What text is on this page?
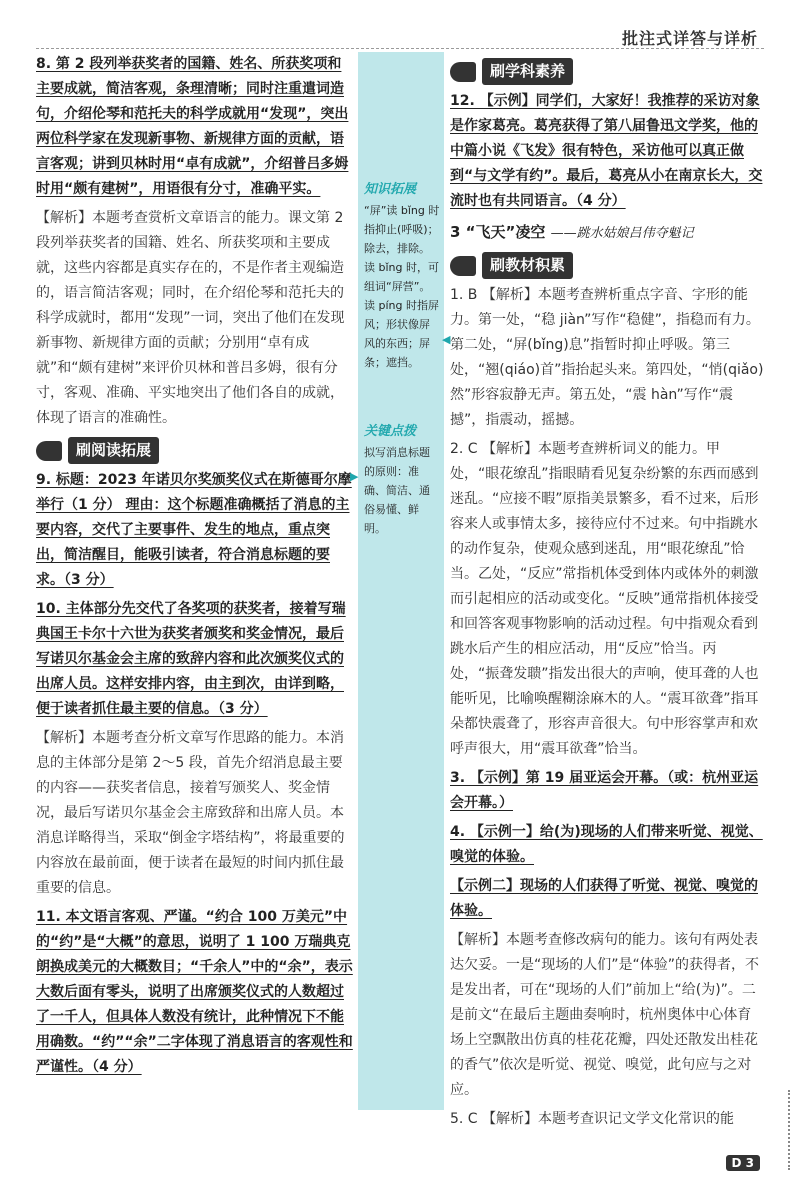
批注式详答与详析
8. 第 2 段列举获奖者的国籍、姓名、所获奖项和主要成就，简洁客观，条理清晰；同时注重遣词造句，介绍伦琴和范托夫的科学成就用“发现”，突出两位科学家在发现新事物、新规律方面的贡献，语言客观；讲到贝林时用“卓有成就”，介绍普吕多姆时用“颇有建树”，用语很有分寸，准确平实。
【解析】本题考查赏析文章语言的能力。课文第 2 段列举获奖者的国籍、姓名、所获奖项和主要成就，这些内容都是真实存在的，不是作者主观编造的，语言简洁客观；同时，在介绍伦琴和范托夫的科学成就时，都用“发现”一词，突出了他们在发现新事物、新规律方面的贡献；分别用“卓有成就”和“颇有建树”来评价贝林和普吕多姆，很有分寸，客观、准确、平实地突出了他们各自的成就，体现了语言的准确性。
刷阅读拓展
9. 标题：2023 年诺贝尔奖颁奖仪式在斯德哥尔摩举行（1 分） 理由：这个标题准确概括了消息的主要内容，交代了主要事件、发生的地点，重点突出，简洁醒目，能吸引读者，符合消息标题的要求。（3 分）
10. 主体部分先交代了各奖项的获奖者，接着写瑞典国王卡尔十六世为获奖者颁奖和奖金情况，最后写诺贝尔基金会主席的致辞内容和此次颁奖仪式的出席人员。这样安排内容，由主到次，由详到略，便于读者抓住最主要的信息。（3 分）
【解析】本题考查分析文章写作思路的能力。本消息的主体部分是第 2～5 段，首先介绍消息最主要的内容——获奖者信息，接着写颁奖人、奖金情况，最后写诺贝尔基金会主席致辞和出席人员。本消息详略得当，采取“倒金字塔结构”，将最重要的内容放在最前面，便于读者在最短的时间内抓住最重要的信息。
11. 本文语言客观、严谨。“约合 100 万美元”中的“约”是“大概”的意思，说明了 1 100 万瑞典克朗换成美元的大概数目；“千余人”中的“余”，表示大数后面有零头，说明了出席颁奖仪式的人数超过了一千人，但具体人数没有统计，此种情况下不能用确数。“约”“余”二字体现了消息语言的客观性和严谨性。（4 分）
知识拓展
“屏”读 bǐng 时指抑止(呼吸)；除去，排除。读 bǐng 时，可组词“屏营”。读 píng 时指屏风；形状像屏风的东西；屏条；遮挡。
关键点拨
拟写消息标题的原则：准确、简洁、通俗易懂、鲜明。
▶
◀
刷学科素养
12. 【示例】同学们，大家好！我推荐的采访对象是作家葛亮。葛亮获得了第八届鲁迅文学奖，他的中篇小说《飞发》很有特色，采访他可以真正做到“与文学有约”。最后，葛亮从小在南京长大，交流时也有共同语言。（4 分）
3 “飞天”凌空 ——跳水姑娘吕伟夺魁记
刷教材积累
1. B 【解析】本题考查辨析重点字音、字形的能力。第一处，“稳 jiàn”写作“稳健”，指稳而有力。第二处，“屏(bǐng)息”指暂时抑止呼吸。第三处，“翘(qiáo)首”指抬起头来。第四处，“悄(qiǎo)然”形容寂静无声。第五处，“震 hàn”写作“震撼”，指震动，摇撼。
2. C 【解析】本题考查辨析词义的能力。甲处，“眼花缭乱”指眼睛看见复杂纷繁的东西而感到迷乱。“应接不暇”原指美景繁多，看不过来，后形容来人或事情太多，接待应付不过来。句中指跳水的动作复杂，使观众感到迷乱，用“眼花缭乱”恰当。乙处，“反应”常指机体受到体内或体外的刺激而引起相应的活动或变化。“反映”通常指机体接受和回答客观事物影响的活动过程。句中指观众看到跳水后产生的相应活动，用“反应”恰当。丙处，“振聋发聩”指发出很大的声响，使耳聋的人也能听见，比喻唤醒糊涂麻木的人。“震耳欲聋”指耳朵都快震聋了，形容声音很大。句中形容掌声和欢呼声很大，用“震耳欲聋”恰当。
3. 【示例】第 19 届亚运会开幕。（或：杭州亚运会开幕。）
4. 【示例一】给(为)现场的人们带来听觉、视觉、嗅觉的体验。
【示例二】现场的人们获得了听觉、视觉、嗅觉的体验。
【解析】本题考查修改病句的能力。该句有两处表达欠妥。一是“现场的人们”是“体验”的获得者，不是发出者，可在“现场的人们”前加上“给(为)”。二是前文“在最后主题曲奏响时，杭州奥体中心体育场上空飘散出仿真的桂花花瓣，四处还散发出桂花的香气”依次是听觉、视觉、嗅觉，此句应与之对应。
5. C 【解析】本题考查识记文学文化常识的能
D 3
